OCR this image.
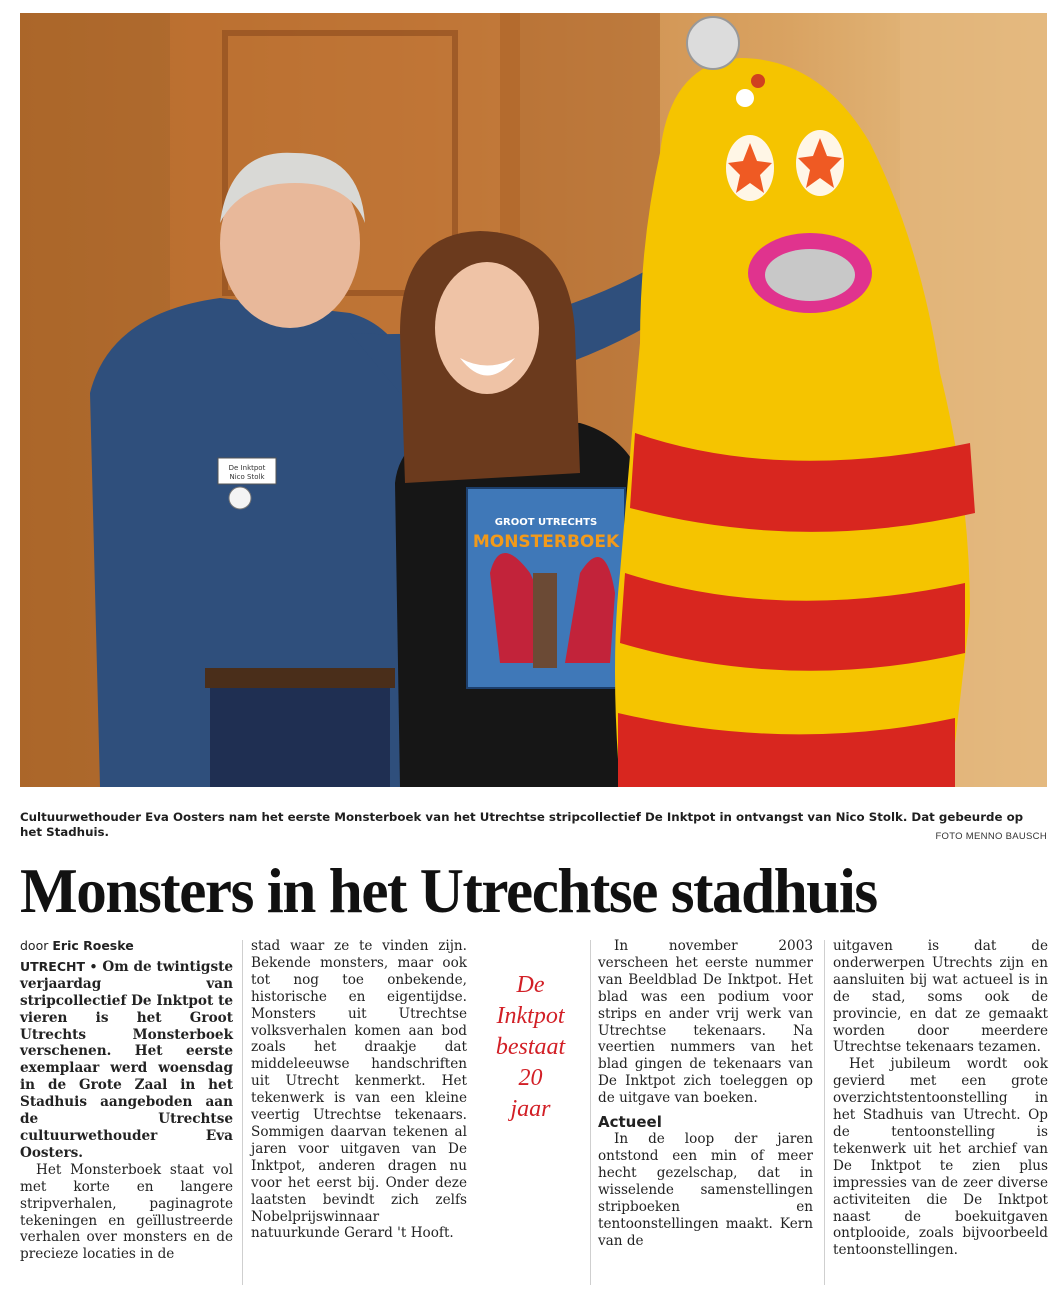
GROOT UTRECHTS
MONSTERBOEK
De Inktpot
Nico Stolk
Cultuurwethouder Eva Oosters nam het eerste Monsterboek van het Utrechtse stripcollectief De Inktpot in ontvangst van Nico Stolk. Dat gebeurde op het Stadhuis.	FOTO MENNO BAUSCH
Monsters in het Utrechtse stadhuis
door Eric Roeske

UTRECHT • Om de twintigste verjaardag van stripcollectief De Inktpot te vieren is het Groot Utrechts Monsterboek verschenen. Het eerste exemplaar werd woensdag in de Grote Zaal in het Stadhuis aangeboden aan de Utrechtse cultuurwethouder Eva Oosters.

Het Monsterboek staat vol met korte en langere stripverhalen, paginagrote tekeningen en geïllustreerde verhalen over monsters en de precieze locaties in de

stad waar ze te vinden zijn. Bekende monsters, maar ook tot nog toe onbekende, historische en eigentijdse. Monsters uit Utrechtse volksverhalen komen aan bod zoals het draakje dat middeleeuwse handschriften uit Utrecht kenmerkt. Het tekenwerk is van een kleine veertig Utrechtse tekenaars. Sommigen daarvan tekenen al jaren voor uitgaven van De Inktpot, anderen dragen nu voor het eerst bij. Onder deze laatsten bevindt zich zelfs Nobelprijswinnaar natuurkunde Gerard 't Hooft.

De
Inktpot
bestaat
20
jaar

In november 2003 verscheen het eerste nummer van Beeldblad De Inktpot. Het blad was een podium voor strips en ander vrij werk van Utrechtse tekenaars. Na veertien nummers van het blad gingen de tekenaars van De Inktpot zich toeleggen op de uitgave van boeken.

Actueel

In de loop der jaren ontstond een min of meer hecht gezelschap, dat in wisselende samenstellingen stripboeken en tentoonstellingen maakt. Kern van de

uitgaven is dat de onderwerpen Utrechts zijn en aansluiten bij wat actueel is in de stad, soms ook de provincie, en dat ze gemaakt worden door meerdere Utrechtse tekenaars tezamen.

Het jubileum wordt ook gevierd met een grote overzichtstentoonstelling in het Stadhuis van Utrecht. Op de tentoonstelling is tekenwerk uit het archief van De Inktpot te zien plus impressies van de zeer diverse activiteiten die De Inktpot naast de boekuitgaven ontplooide, zoals bijvoorbeeld tentoonstellingen.
